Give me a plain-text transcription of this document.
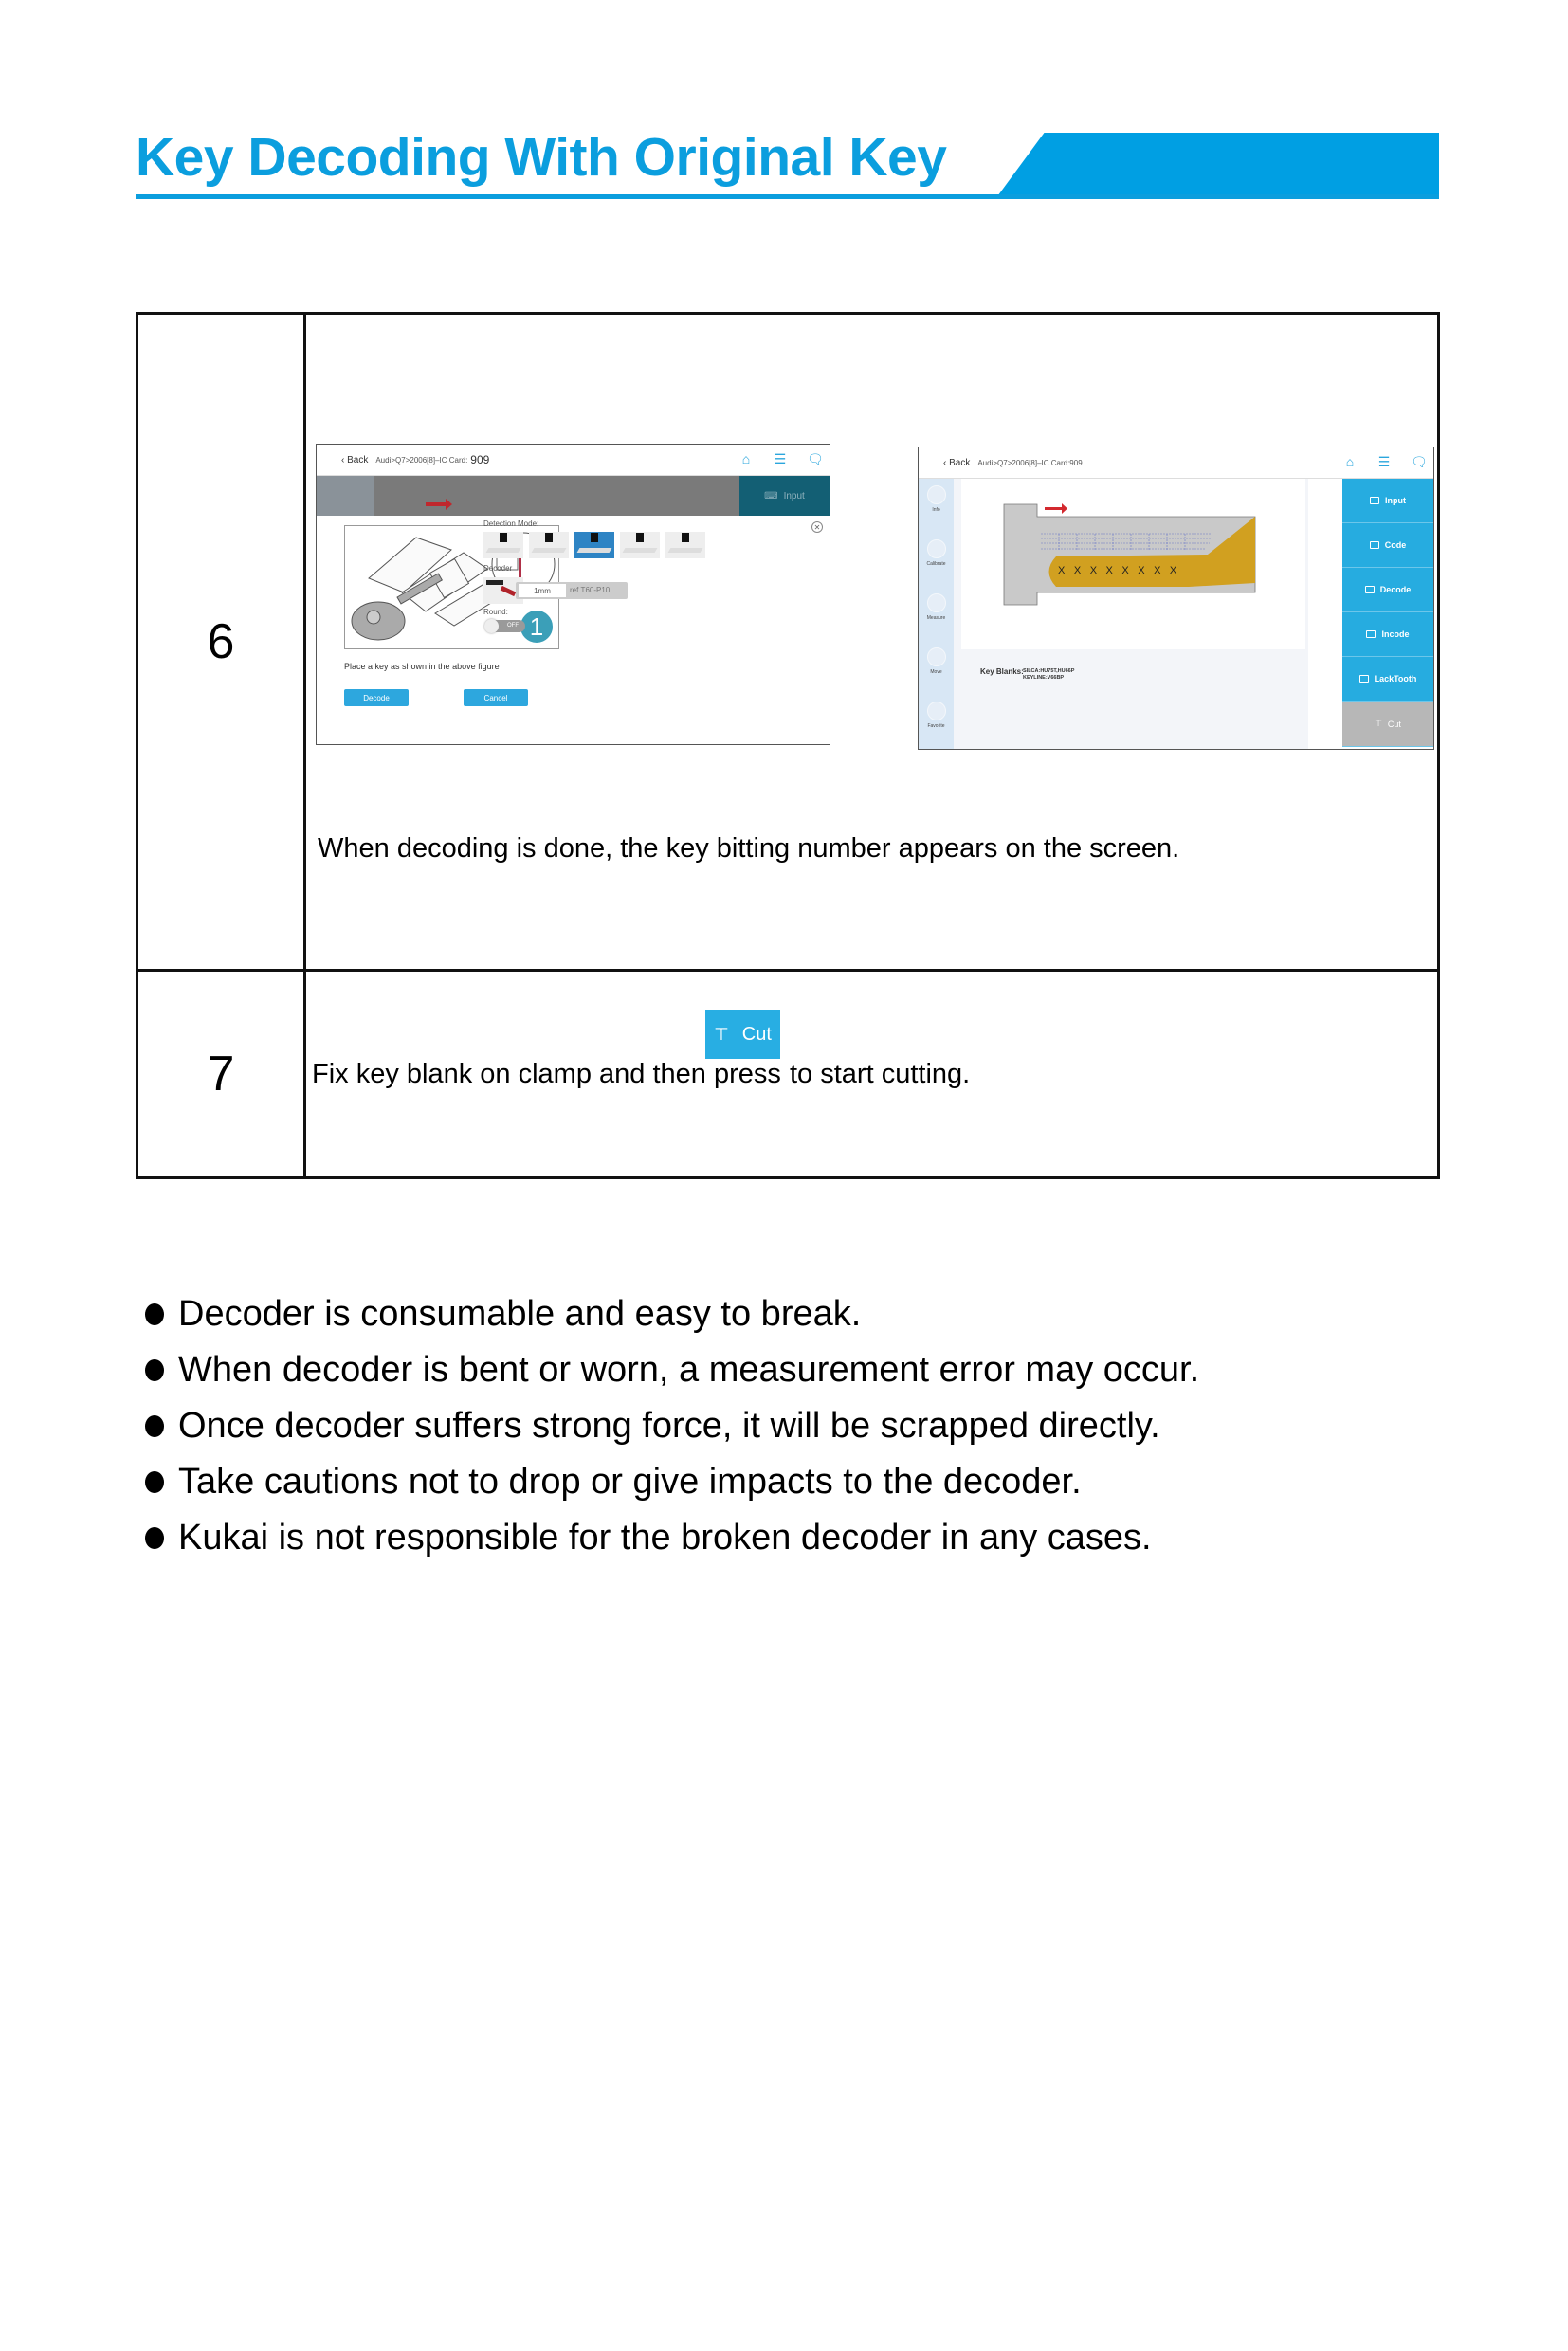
Key Decoding With Original Key
6
‹ Back Audi>Q7>2006[8]–IC Card: 909	⌂ ☰ 🗨
⌨ Input
1
Detection Mode:	✕
Decoder
1mm	ref.T60-P10
Round:
OFF
Place a key as shown in the above figure
Decode	Cancel
‹ Back Audi>Q7>2006[8]–IC Card:909	⌂ ☰ 🗨
Info
Calibrate
Measure
Move
Favorite
X X X X X X X X
Key Blanks: SILCA:HU75T,HU66P
KEYLINE:V66BP
Input
Code
Decode
Incode
LackTooth
⊤ Cut
When decoding is done, the key bitting number appears on the screen.
7	Fix key blank on clamp and then press
⊤ Cut
to start cutting.
Decoder is consumable and easy to break.
When decoder is bent or worn, a measurement error may occur.
Once decoder suffers strong force, it will be scrapped directly.
Take cautions not to drop or give impacts to the decoder.
Kukai is not responsible for the broken decoder in any cases.
